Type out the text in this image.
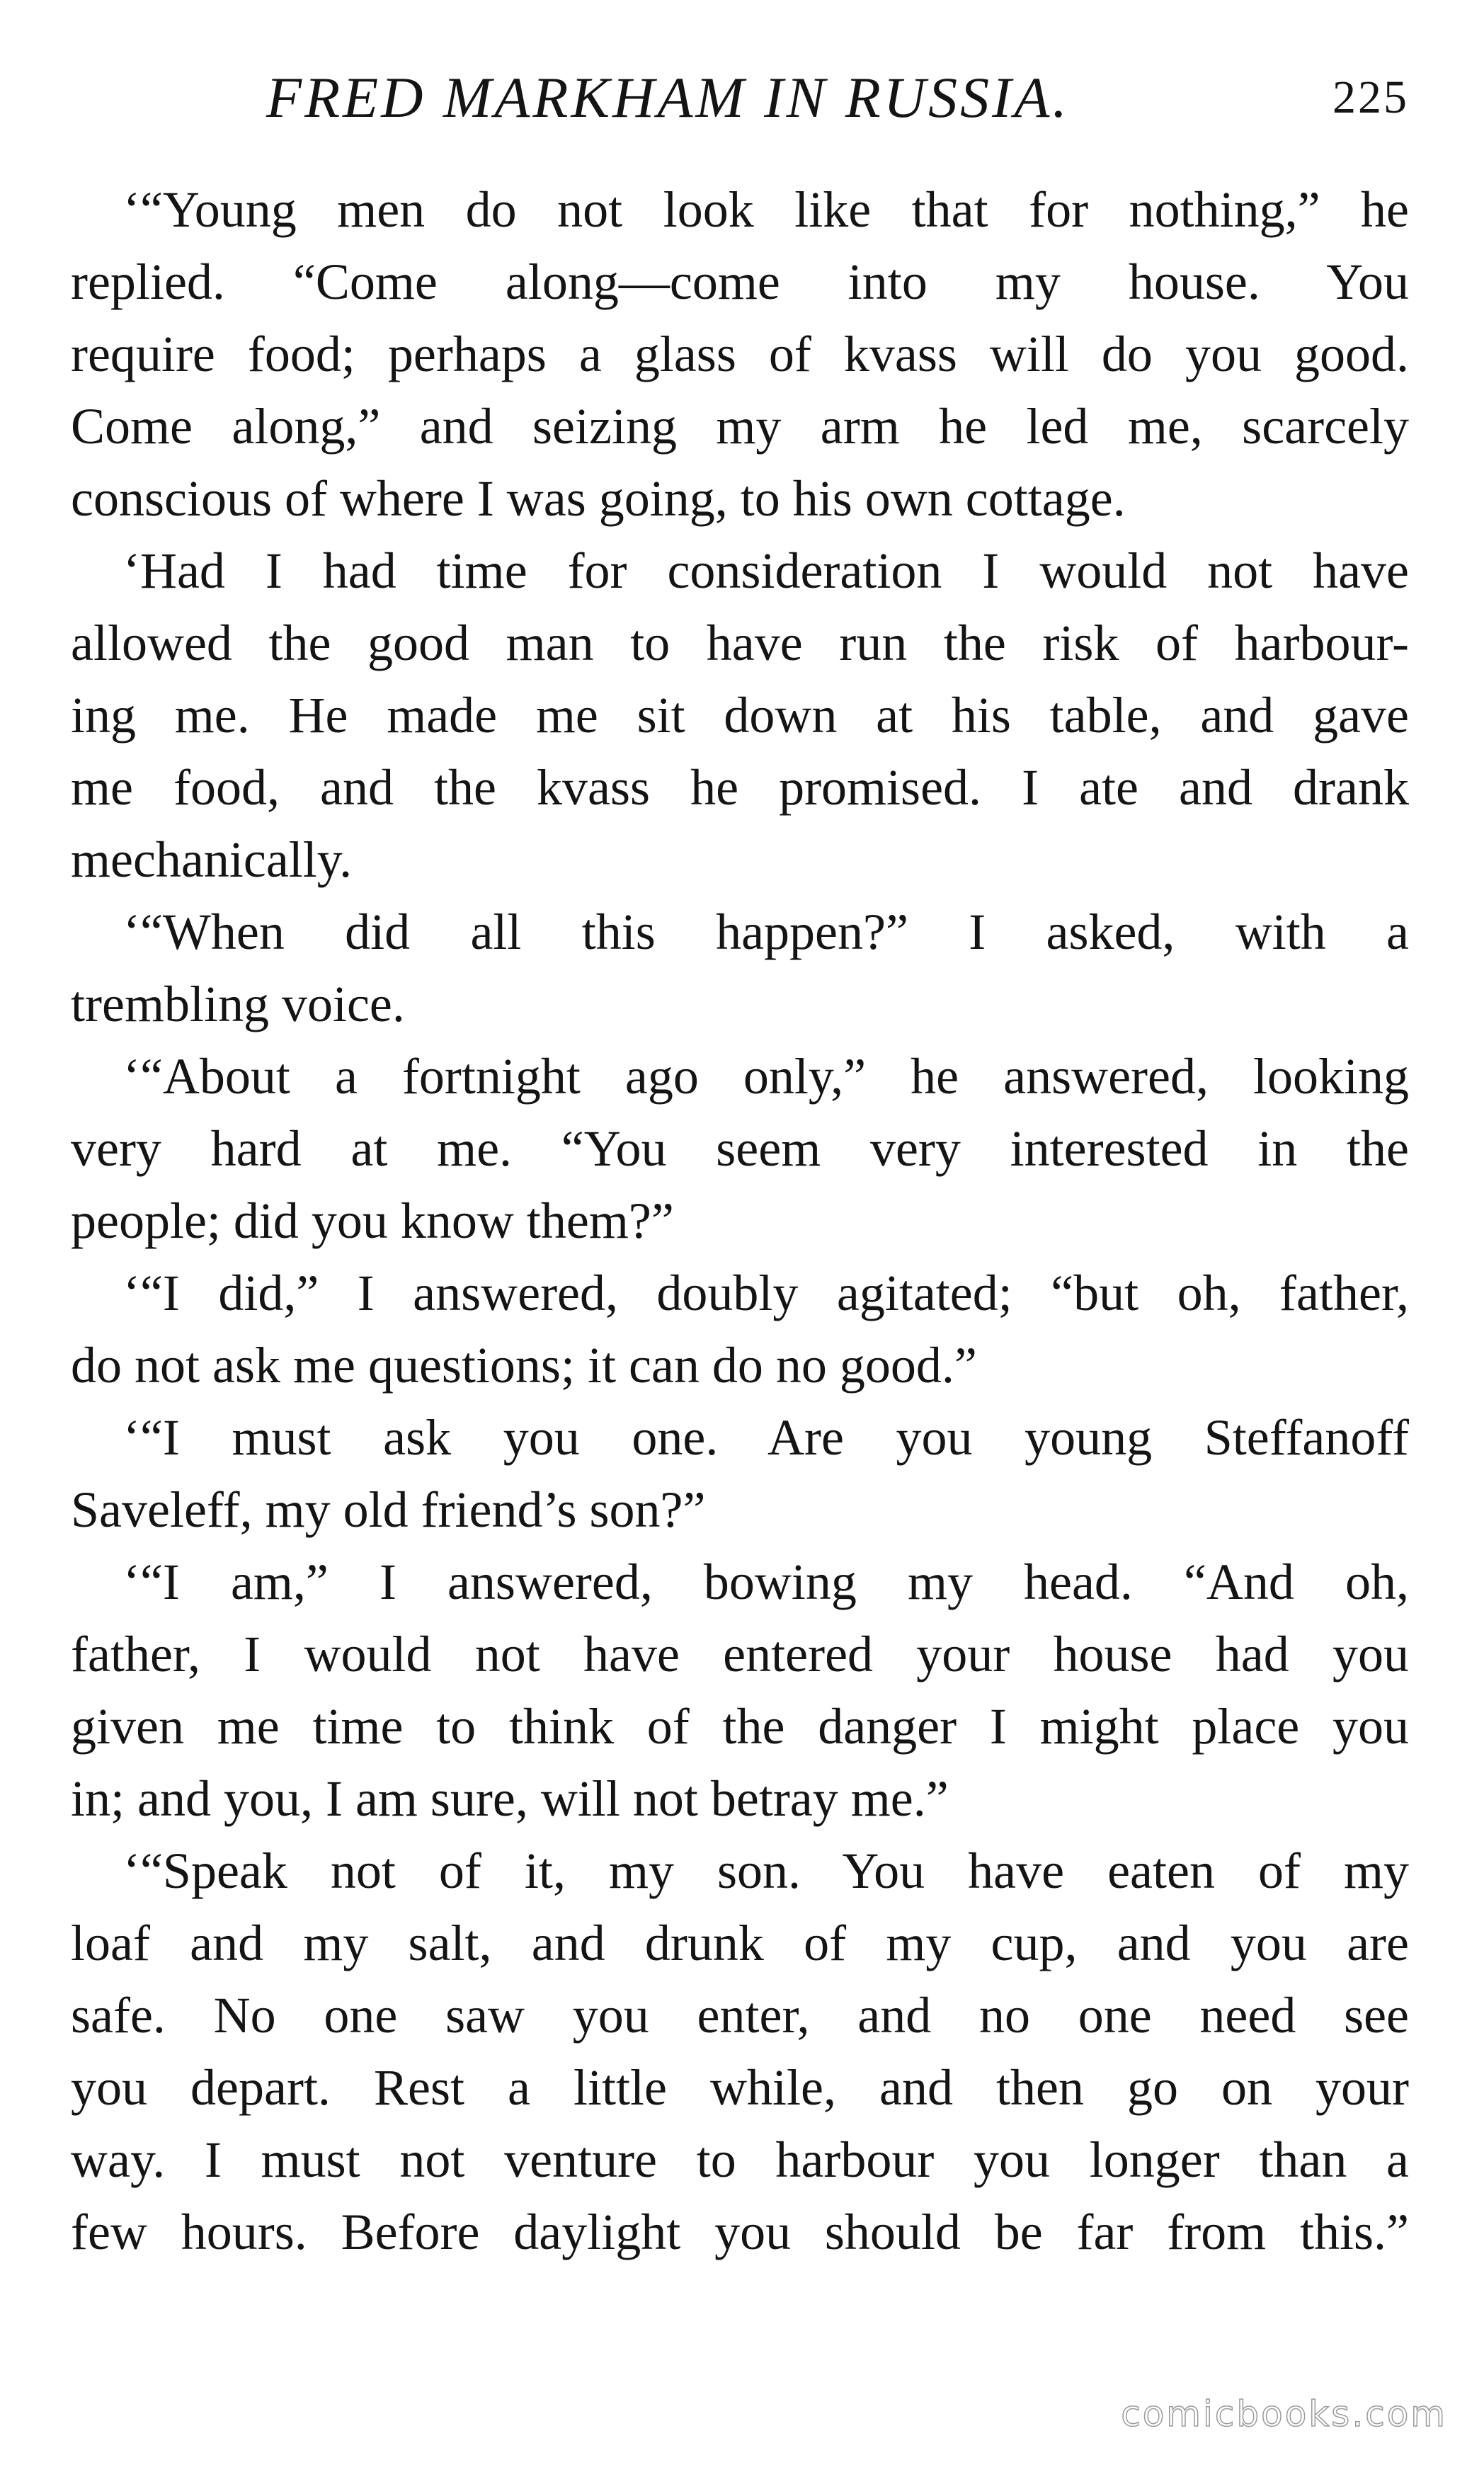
FRED MARKHAM IN RUSSIA.	225
‘“Young men do not look like that for nothing,” he
replied. “Come along—come into my house. You
require food; perhaps a glass of kvass will do you good.
Come along,” and seizing my arm he led me, scarcely
conscious of where I was going, to his own cottage.
‘Had I had time for consideration I would not have
allowed the good man to have run the risk of harbour-
ing me. He made me sit down at his table, and gave
me food, and the kvass he promised. I ate and drank
mechanically.
‘“When did all this happen?” I asked, with a
trembling voice.
‘“About a fortnight ago only,” he answered, looking
very hard at me. “You seem very interested in the
people; did you know them?”
‘“I did,” I answered, doubly agitated; “but oh, father,
do not ask me questions; it can do no good.”
‘“I must ask you one. Are you young Steffanoff
Saveleff, my old friend’s son?”
‘“I am,” I answered, bowing my head. “And oh,
father, I would not have entered your house had you
given me time to think of the danger I might place you
in; and you, I am sure, will not betray me.”
‘“Speak not of it, my son. You have eaten of my
loaf and my salt, and drunk of my cup, and you are
safe. No one saw you enter, and no one need see
you depart. Rest a little while, and then go on your
way. I must not venture to harbour you longer than a
few hours. Before daylight you should be far from this.”
comicbooks.com
